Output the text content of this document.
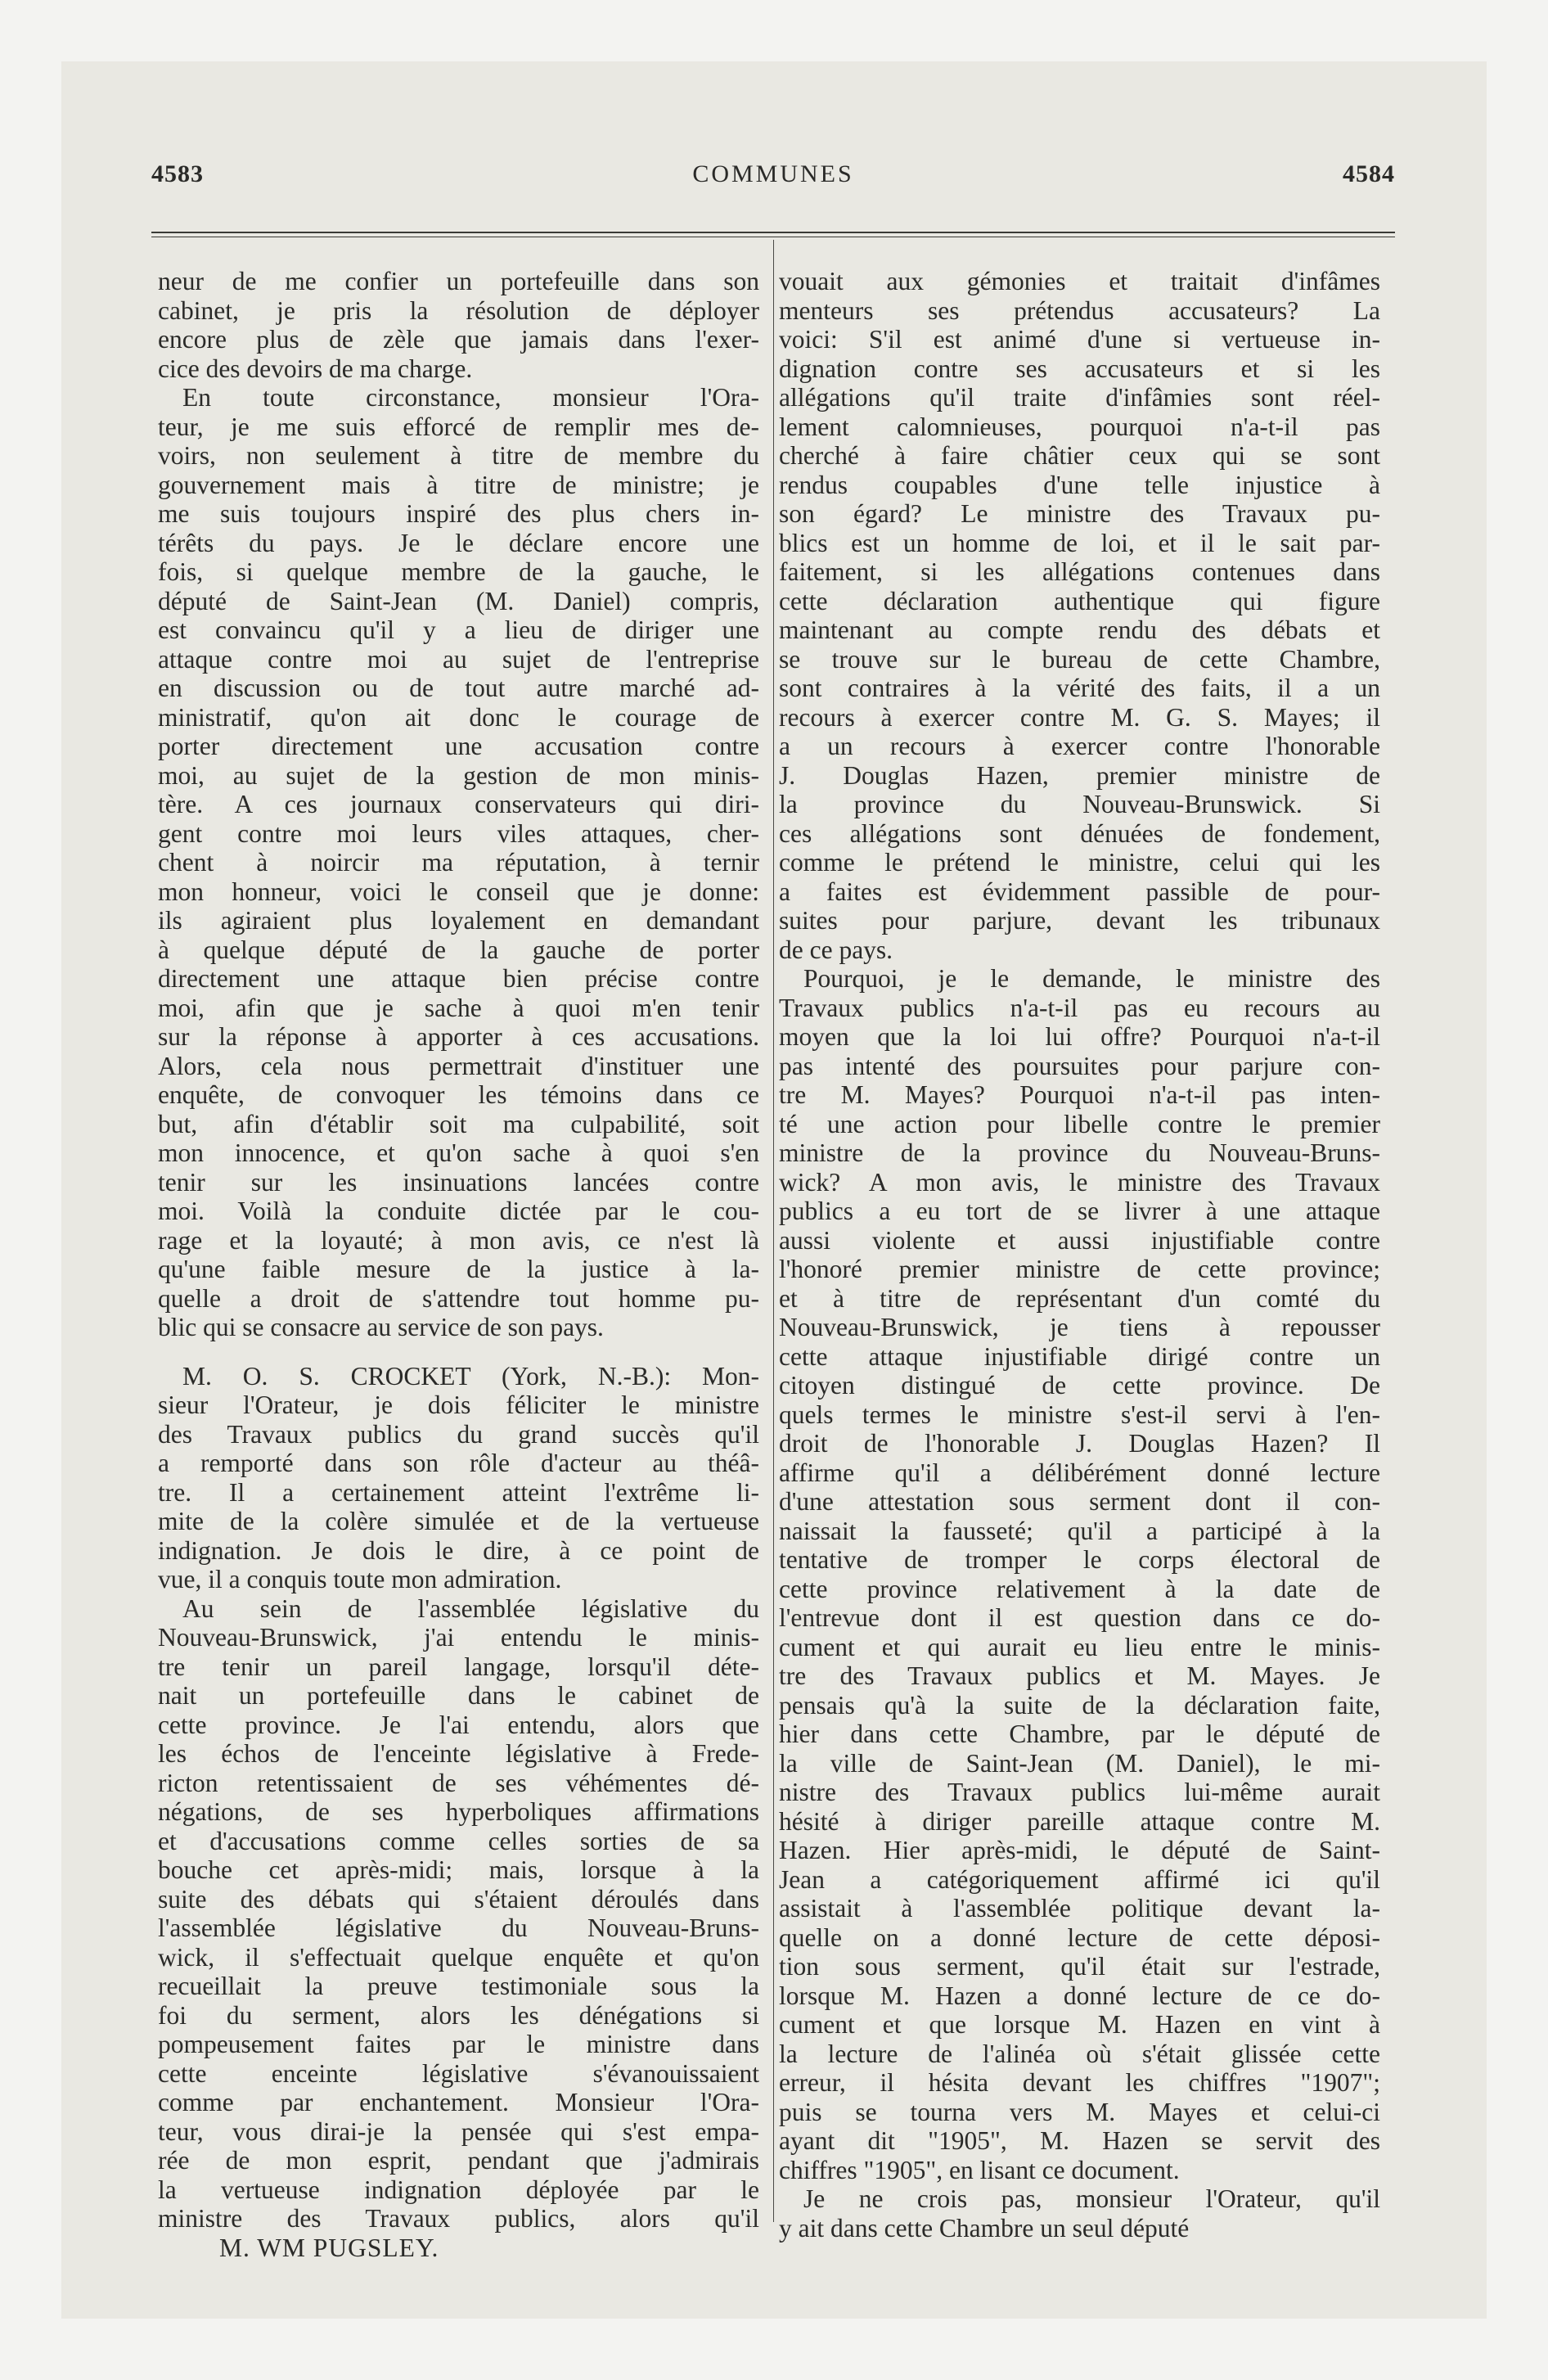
4583	COMMUNES	4584
neur de me confier un portefeuille dans son
cabinet, je pris la résolution de déployer
encore plus de zèle que jamais dans l'exer-
cice des devoirs de ma charge.
En toute circonstance, monsieur l'Ora-
teur, je me suis efforcé de remplir mes de-
voirs, non seulement à titre de membre du
gouvernement mais à titre de ministre; je
me suis toujours inspiré des plus chers in-
térêts du pays. Je le déclare encore une
fois, si quelque membre de la gauche, le
député de Saint-Jean (M. Daniel) compris,
est convaincu qu'il y a lieu de diriger une
attaque contre moi au sujet de l'entreprise
en discussion ou de tout autre marché ad-
ministratif, qu'on ait donc le courage de
porter directement une accusation contre
moi, au sujet de la gestion de mon minis-
tère. A ces journaux conservateurs qui diri-
gent contre moi leurs viles attaques, cher-
chent à noircir ma réputation, à ternir
mon honneur, voici le conseil que je donne:
ils agiraient plus loyalement en demandant
à quelque député de la gauche de porter
directement une attaque bien précise contre
moi, afin que je sache à quoi m'en tenir
sur la réponse à apporter à ces accusations.
Alors, cela nous permettrait d'instituer une
enquête, de convoquer les témoins dans ce
but, afin d'établir soit ma culpabilité, soit
mon innocence, et qu'on sache à quoi s'en
tenir sur les insinuations lancées contre
moi. Voilà la conduite dictée par le cou-
rage et la loyauté; à mon avis, ce n'est là
qu'une faible mesure de la justice à la-
quelle a droit de s'attendre tout homme pu-
blic qui se consacre au service de son pays.
M. O. S. CROCKET (York, N.-B.): Mon-
sieur l'Orateur, je dois féliciter le ministre
des Travaux publics du grand succès qu'il
a remporté dans son rôle d'acteur au théâ-
tre. Il a certainement atteint l'extrême li-
mite de la colère simulée et de la vertueuse
indignation. Je dois le dire, à ce point de
vue, il a conquis toute mon admiration.
Au sein de l'assemblée législative du
Nouveau-Brunswick, j'ai entendu le minis-
tre tenir un pareil langage, lorsqu'il déte-
nait un portefeuille dans le cabinet de
cette province. Je l'ai entendu, alors que
les échos de l'enceinte législative à Frede-
ricton retentissaient de ses véhémentes dé-
négations, de ses hyperboliques affirmations
et d'accusations comme celles sorties de sa
bouche cet après-midi; mais, lorsque à la
suite des débats qui s'étaient déroulés dans
l'assemblée législative du Nouveau-Bruns-
wick, il s'effectuait quelque enquête et qu'on
recueillait la preuve testimoniale sous la
foi du serment, alors les dénégations si
pompeusement faites par le ministre dans
cette enceinte législative s'évanouissaient
comme par enchantement. Monsieur l'Ora-
teur, vous dirai-je la pensée qui s'est empa-
rée de mon esprit, pendant que j'admirais
la vertueuse indignation déployée par le
ministre des Travaux publics, alors qu'il
M. WM PUGSLEY.
vouait aux gémonies et traitait d'infâmes
menteurs ses prétendus accusateurs? La
voici: S'il est animé d'une si vertueuse in-
dignation contre ses accusateurs et si les
allégations qu'il traite d'infâmies sont réel-
lement calomnieuses, pourquoi n'a-t-il pas
cherché à faire châtier ceux qui se sont
rendus coupables d'une telle injustice à
son égard? Le ministre des Travaux pu-
blics est un homme de loi, et il le sait par-
faitement, si les allégations contenues dans
cette déclaration authentique qui figure
maintenant au compte rendu des débats et
se trouve sur le bureau de cette Chambre,
sont contraires à la vérité des faits, il a un
recours à exercer contre M. G. S. Mayes; il
a un recours à exercer contre l'honorable
J. Douglas Hazen, premier ministre de
la province du Nouveau-Brunswick. Si
ces allégations sont dénuées de fondement,
comme le prétend le ministre, celui qui les
a faites est évidemment passible de pour-
suites pour parjure, devant les tribunaux
de ce pays.
Pourquoi, je le demande, le ministre des
Travaux publics n'a-t-il pas eu recours au
moyen que la loi lui offre? Pourquoi n'a-t-il
pas intenté des poursuites pour parjure con-
tre M. Mayes? Pourquoi n'a-t-il pas inten-
té une action pour libelle contre le premier
ministre de la province du Nouveau-Bruns-
wick? A mon avis, le ministre des Travaux
publics a eu tort de se livrer à une attaque
aussi violente et aussi injustifiable contre
l'honoré premier ministre de cette province;
et à titre de représentant d'un comté du
Nouveau-Brunswick, je tiens à repousser
cette attaque injustifiable dirigé contre un
citoyen distingué de cette province. De
quels termes le ministre s'est-il servi à l'en-
droit de l'honorable J. Douglas Hazen? Il
affirme qu'il a délibérément donné lecture
d'une attestation sous serment dont il con-
naissait la fausseté; qu'il a participé à la
tentative de tromper le corps électoral de
cette province relativement à la date de
l'entrevue dont il est question dans ce do-
cument et qui aurait eu lieu entre le minis-
tre des Travaux publics et M. Mayes. Je
pensais qu'à la suite de la déclaration faite,
hier dans cette Chambre, par le député de
la ville de Saint-Jean (M. Daniel), le mi-
nistre des Travaux publics lui-même aurait
hésité à diriger pareille attaque contre M.
Hazen. Hier après-midi, le député de Saint-
Jean a catégoriquement affirmé ici qu'il
assistait à l'assemblée politique devant la-
quelle on a donné lecture de cette déposi-
tion sous serment, qu'il était sur l'estrade,
lorsque M. Hazen a donné lecture de ce do-
cument et que lorsque M. Hazen en vint à
la lecture de l'alinéa où s'était glissée cette
erreur, il hésita devant les chiffres "1907";
puis se tourna vers M. Mayes et celui-ci
ayant dit "1905", M. Hazen se servit des
chiffres "1905", en lisant ce document.
Je ne crois pas, monsieur l'Orateur, qu'il
y ait dans cette Chambre un seul député
